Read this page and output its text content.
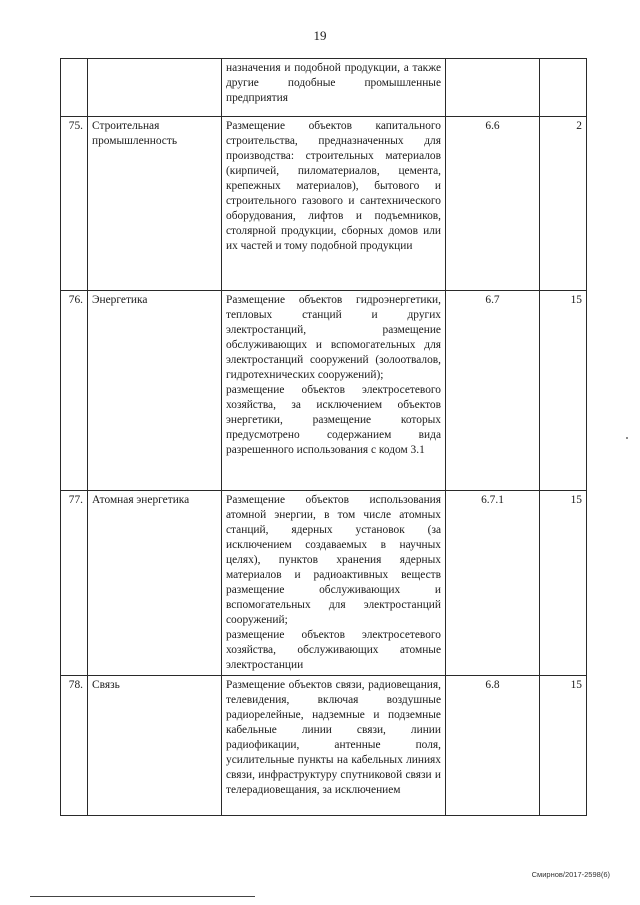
19
		назначения и подобной продукции, а также другие подобные промышленные предприятия		
75.	Строительная промышленность	Размещение объектов капитального строительства, предназначенных для производства: строительных материалов (кирпичей, пиломатериалов, цемента, крепежных материалов), бытового и строительного газового и сантехнического оборудования, лифтов и подъемников, столярной продукции, сборных домов или их частей и тому подобной продукции	6.6	2
76.	Энергетика	Размещение объектов гидроэнергетики, тепловых станций и других электростанций, размещение обслуживающих и вспомогательных для электростанций сооружений (золоотвалов, гидротехнических сооружений);
размещение объектов электросетевого хозяйства, за исключением объектов энергетики, размещение которых предусмотрено содержанием вида разрешенного использования с кодом 3.1	6.7	15
77.	Атомная энергетика	Размещение объектов использования атомной энергии, в том числе атомных станций, ядерных установок (за исключением создаваемых в научных целях), пунктов хранения ядерных материалов и радиоактивных веществ размещение обслуживающих и вспомогательных для электростанций сооружений;
размещение объектов электросетевого хозяйства, обслуживающих атомные электростанции	6.7.1	15
78.	Связь	Размещение объектов связи, радиовещания, телевидения, включая воздушные радиорелейные, надземные и подземные кабельные линии связи, линии радиофикации, антенные поля, усилительные пункты на кабельных линиях связи, инфраструктуру спутниковой связи и телерадиовещания, за исключением	6.8	15
Смирнов/2017-2598(6)
